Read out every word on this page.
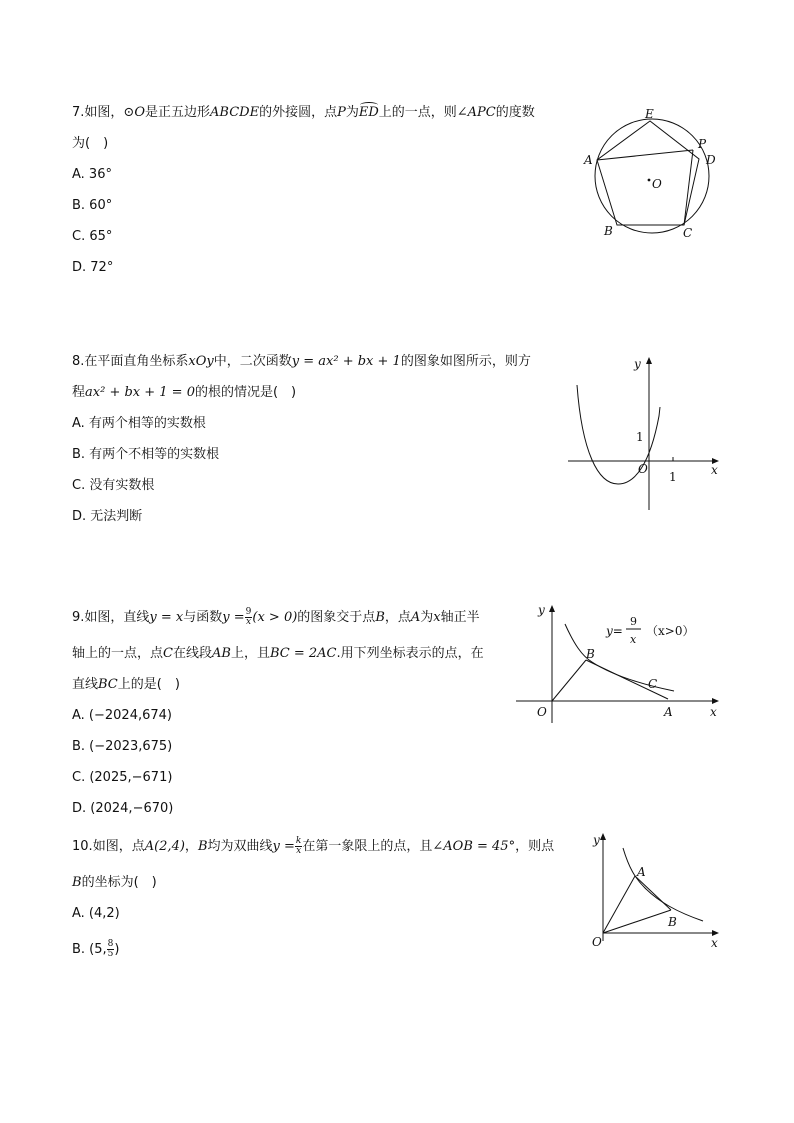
7.如图，⊙O是正五边形ABCDE的外接圆，点P为ED上的一点，则∠APC的度数
为(　)
A. 36°
B. 60°
C. 65°
D. 72°
E
P
D
A
O
B	C
8.在平面直角坐标系xOy中，二次函数y = ax² + bx + 1的图象如图所示，则方
程ax² + bx + 1 = 0的根的情况是(　)
A. 有两个相等的实数根
B. 有两个不相等的实数根
C. 没有实数根
D. 无法判断
y
x
O
1
1
9.如图，直线y = x与函数$y = \frac{9}{x} (x > 0)$的图象交于点B，点A为x轴正半
轴上的一点，点C在线段AB上，且BC = 2AC.用下列坐标表示的点，在
直线BC上的是(　)
A. (−2024,674)
B. (−2023,675)
C. (2025,−671)
D. (2024,−670)
y
x
O	A
B
C
y=
9
x
（x>0）
10.如图，点A(2,4)，B均为双曲线$y = \frac{k}{x}$ 在第一象限上的点，且∠AOB = 45°，则点
B的坐标为(　)
A. (4,2)
B. (5, $\frac{8}{5}$ )
y
x
O
A
B
